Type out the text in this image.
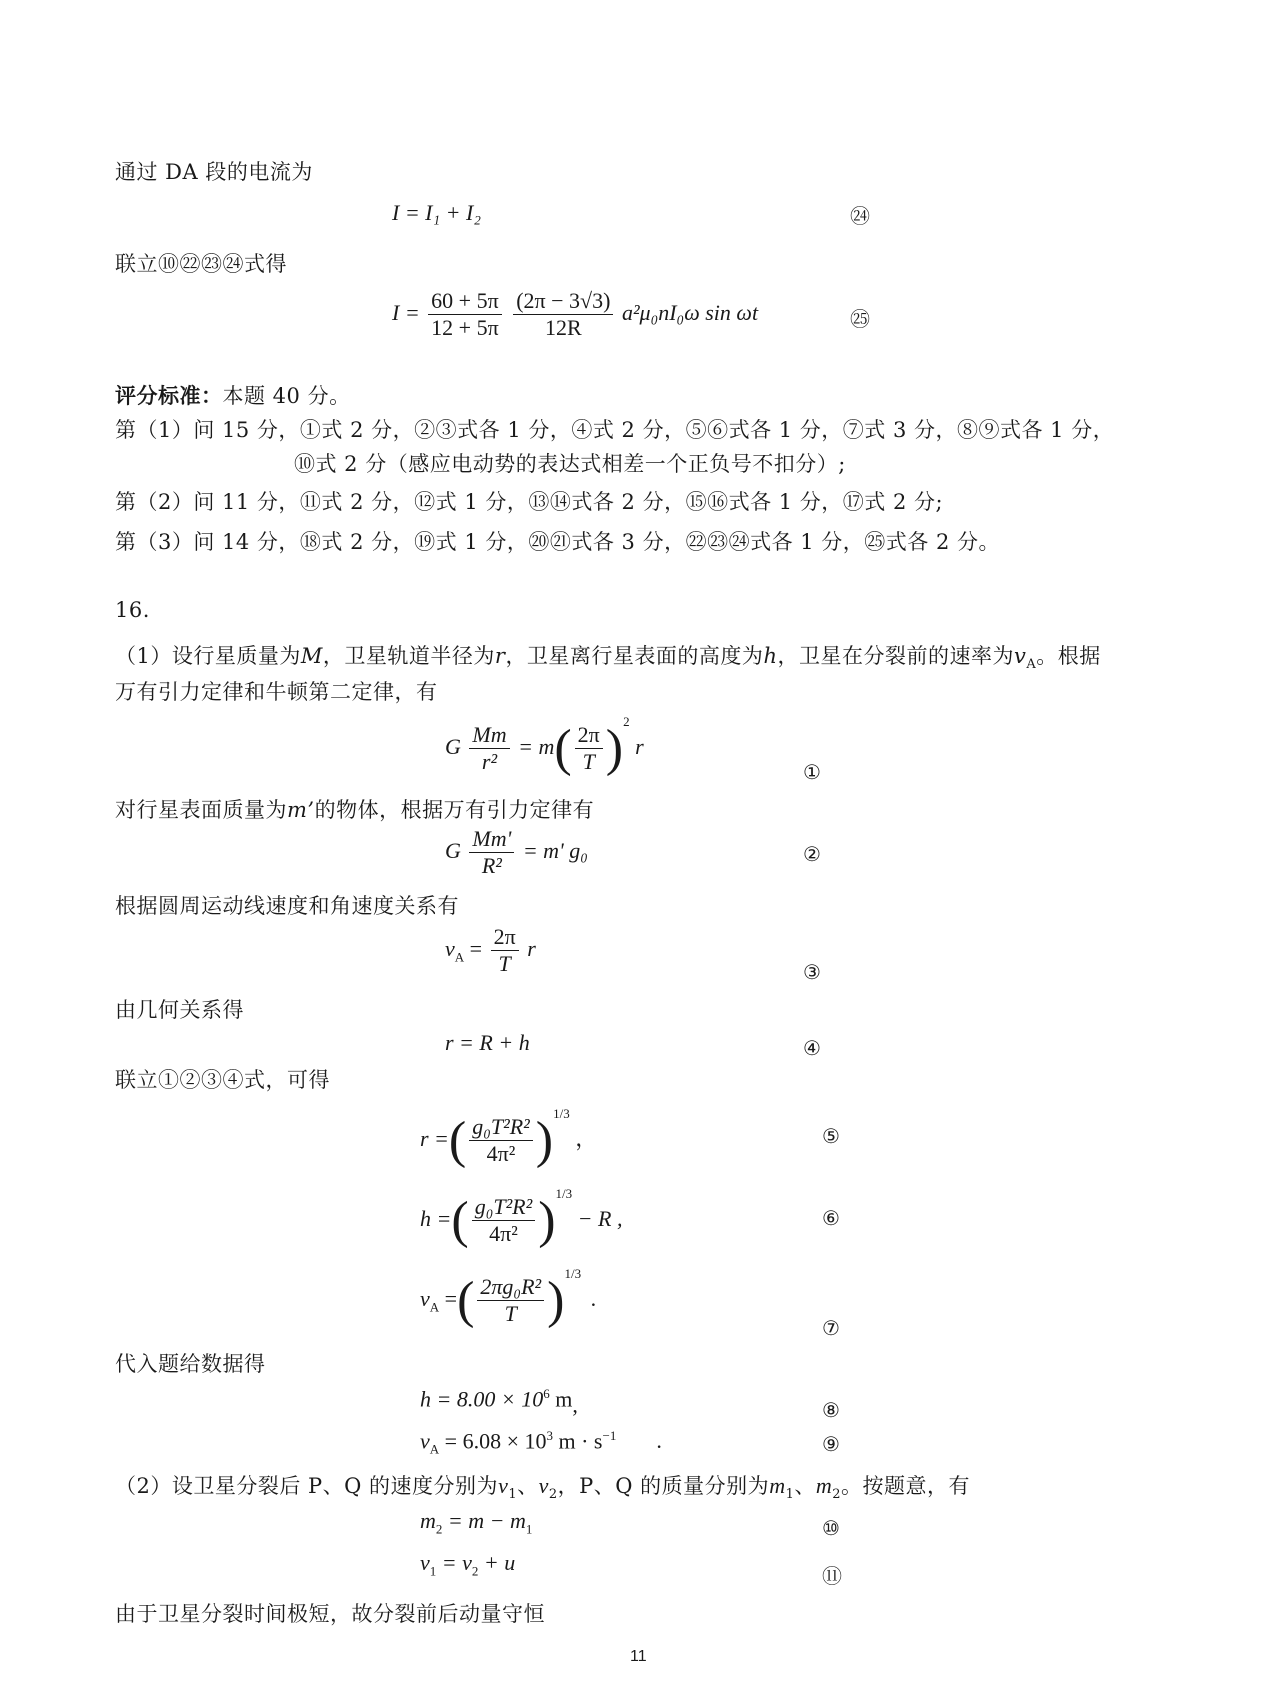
通过 DA 段的电流为
I = I₁ + I₂	㉔
联立⑩㉒㉓㉔式得
$I = \frac{60 + 5\pi}{12 + 5\pi}$
$\frac{(2\pi - 3√3)}{12R} a^2\mu_0nI_0\omega$ sin ωt	㉕
评分标准：本题 40 分。
第（1）问 15 分，①式 2 分，②③式各 1 分，④式 2 分，⑤⑥式各 1 分，⑦式 3 分，⑧⑨式各 1 分，
⑩式 2 分（感应电动势的表达式相差一个正负号不扣分）;
第（2）问 11 分，⑪式 2 分，⑫式 1 分，⑬⑭式各 2 分，⑮⑯式各 1 分，⑰式 2 分;
第（3）问 14 分，⑱式 2 分，⑲式 1 分，⑳㉑式各 3 分，㉒㉓㉔式各 1 分，㉕式各 2 分。
16.
（1）设行星质量为M，卫星轨道半径为r，卫星离行星表面的高度为h，卫星在分裂前的速率为$v_A$。根据
万有引力定律和牛顿第二定律，有
G $\frac{Mm}{\text{r²}} = m( \frac{2\pi}{T} )^2$ r
①
对行星表面质量为m’的物体，根据万有引力定律有
G $\frac{Mm'}{\text{R²}} = m'$ g₀	②
根据圆周运动线速度和角速度关系有
$v_A = \frac{2\pi}{T}$ r
③
由几何关系得
r = R + h	④
联立①②③④式，可得
r =( $\frac{\text{g₀T²R²}}{\text{4π²}} )^{1/3}$ ，	⑤
h =( $\frac{\text{g₀T²R²}}{\text{4π²}} )^{1/3} - R$ ,	⑥
$v_A$ =( $\frac{\text{2πg₀R²}}{T} )^{1/3}$ .
⑦
代入题给数据得
$h = 8.00 \times 10^6$ m,	⑧
$v_A = 6.08 \times 10^3$ $m \cdot s^{-1}$ .	⑨
（2）设卫星分裂后 P、Q 的速度分别为$v_1$、$v_2$，P、Q 的质量分别为$m_1$、$m_2$。按题意，有
$m_2 = m - m_1$	⑩
$v_1 = v_2 + u$
⑪
由于卫星分裂时间极短，故分裂前后动量守恒
11
